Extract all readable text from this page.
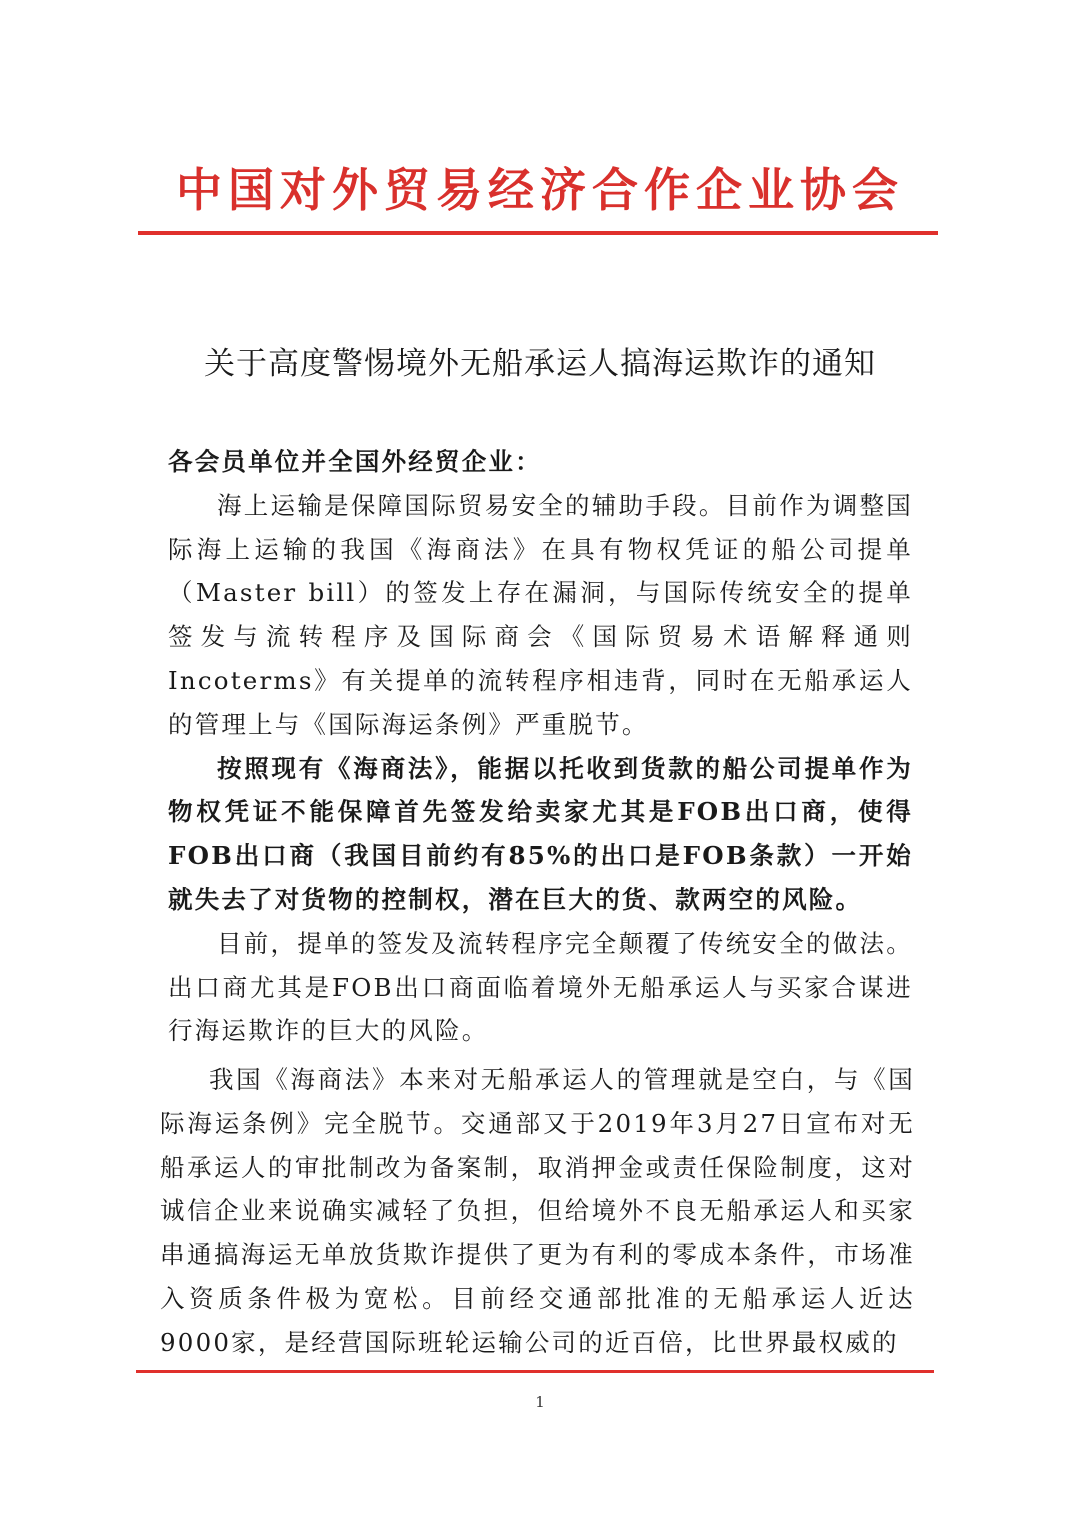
中国对外贸易经济合作企业协会
关于高度警惕境外无船承运人搞海运欺诈的通知

各会员单位并全国外经贸企业：

海上运输是保障国际贸易安全的辅助手段。目前作为调整国际海上运输的我国《海商法》在具有物权凭证的船公司提单（Master bill）的签发上存在漏洞，与国际传统安全的提单签发与流转程序及国际商会《国际贸易术语解释通则Incoterms》有关提单的流转程序相违背，同时在无船承运人的管理上与《国际海运条例》严重脱节。

按照现有《海商法》，能据以托收到货款的船公司提单作为物权凭证不能保障首先签发给卖家尤其是FOB出口商，使得FOB出口商（我国目前约有85%的出口是FOB条款）一开始就失去了对货物的控制权，潜在巨大的货、款两空的风险。

目前，提单的签发及流转程序完全颠覆了传统安全的做法。出口商尤其是FOB出口商面临着境外无船承运人与买家合谋进行海运欺诈的巨大的风险。

我国《海商法》本来对无船承运人的管理就是空白，与《国际海运条例》完全脱节。交通部又于2019年3月27日宣布对无船承运人的审批制改为备案制，取消押金或责任保险制度，这对诚信企业来说确实减轻了负担，但给境外不良无船承运人和买家串通搞海运无单放货欺诈提供了更为有利的零成本条件，市场准入资质条件极为宽松。目前经交通部批准的无船承运人近达9000家，是经营国际班轮运输公司的近百倍，比世界最权威的

1
